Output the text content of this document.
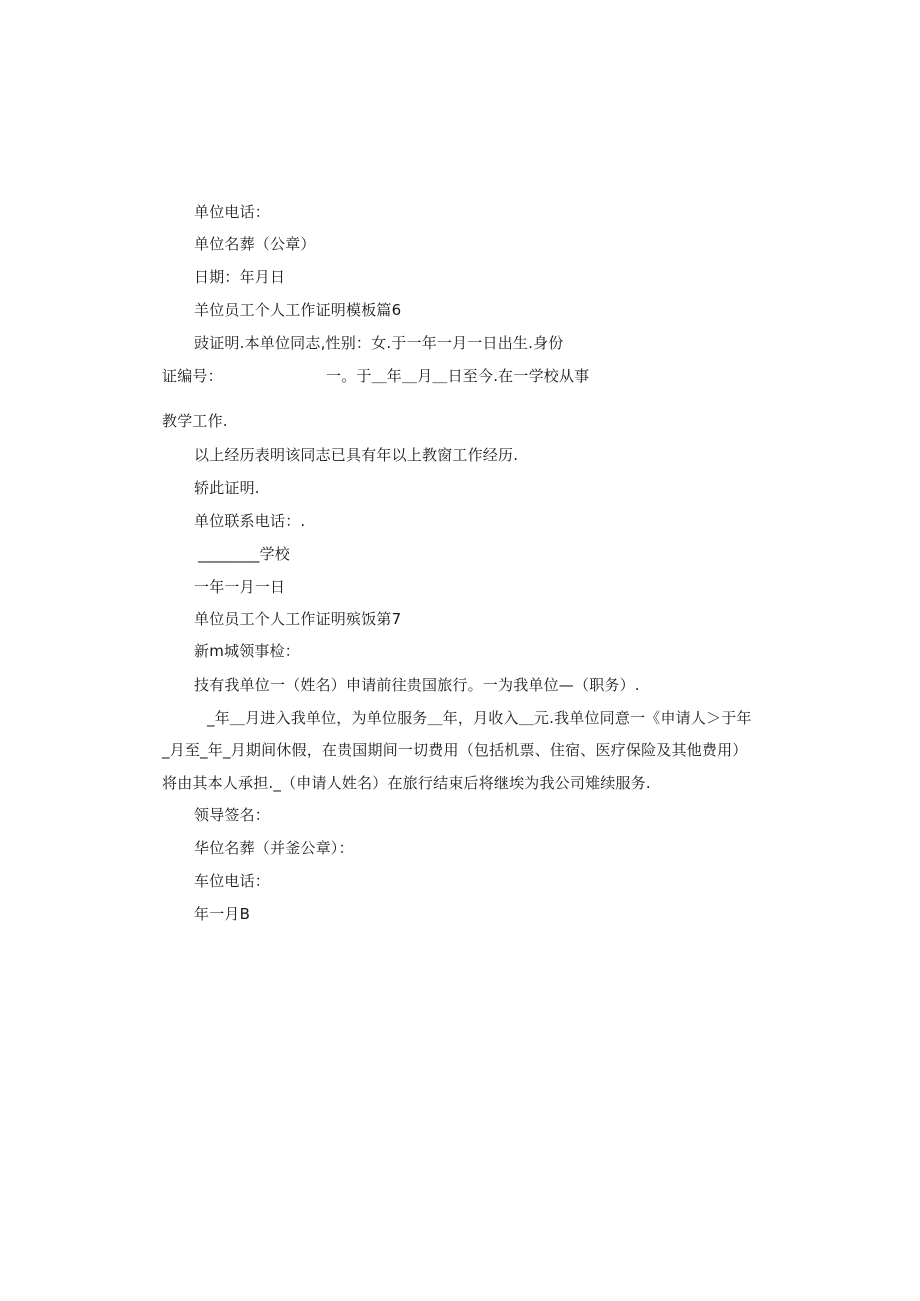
单位电话：
单位名葬（公章）
日期：年月日
羊位员工个人工作证明模板篇6
豉证明.本单位同志,性别：女.于一年一月一日出生.身份
证编号：	一。于＿年＿月＿日至今.在一学校从事
教学工作.
以上经历表明该同志已具有年以上教窗工作经历.
轿此证明.
单位联系电话：.
________学校
一年一月一日
单位员工个人工作证明殡饭第7
新m城领事检：
技有我单位一（姓名）申请前往贵国旅行。一为我单位—（职务）.
_年＿月进入我单位，为单位服务＿年，月收入＿元.我单位同意一《申请人＞于年
_月至_年_月期间休假，在贵国期间一切费用（包括机票、住宿、医疗保险及其他费用）
将由其本人承担._（申请人姓名）在旅行结束后将继埃为我公司雉续服务.
领导签名：
华位名葬（并釜公章）：
车位电话：
年一月B
